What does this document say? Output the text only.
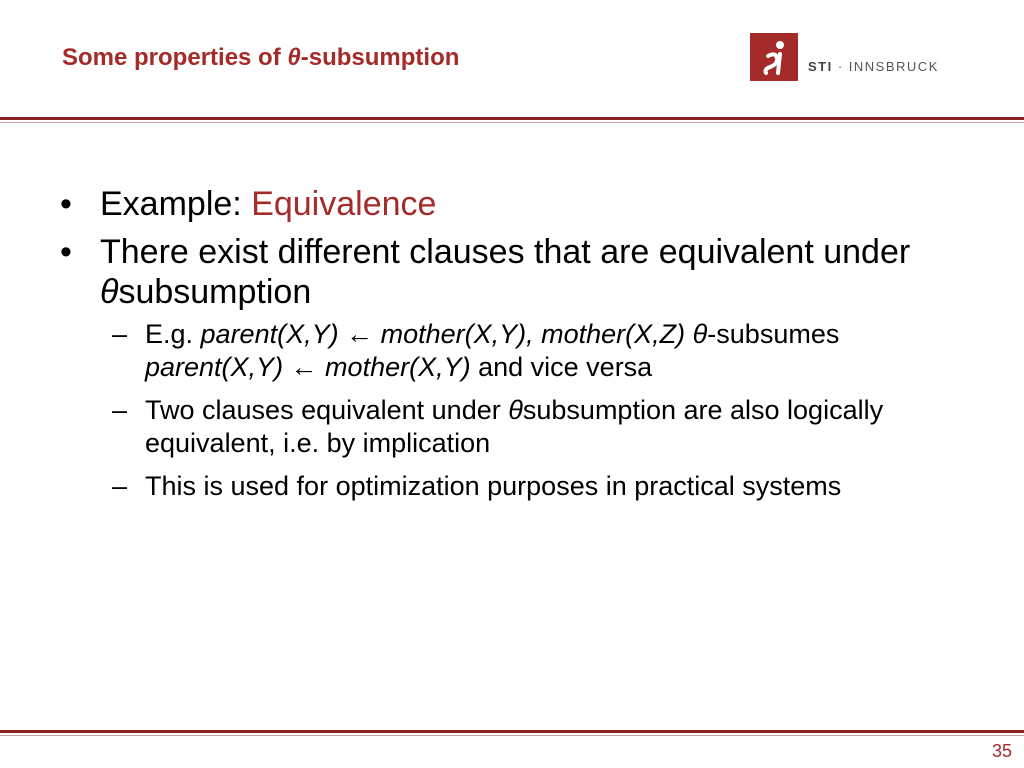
Some properties of θ-subsumption	STI · INNSBRUCK
• Example: Equivalence
• There exist different clauses that are equivalent under θsubsumption
– E.g. parent(X,Y) ← mother(X,Y), mother(X,Z) θ-subsumes parent(X,Y) ← mother(X,Y) and vice versa
– Two clauses equivalent under θsubsumption are also logically equivalent, i.e. by implication
– This is used for optimization purposes in practical systems
35
